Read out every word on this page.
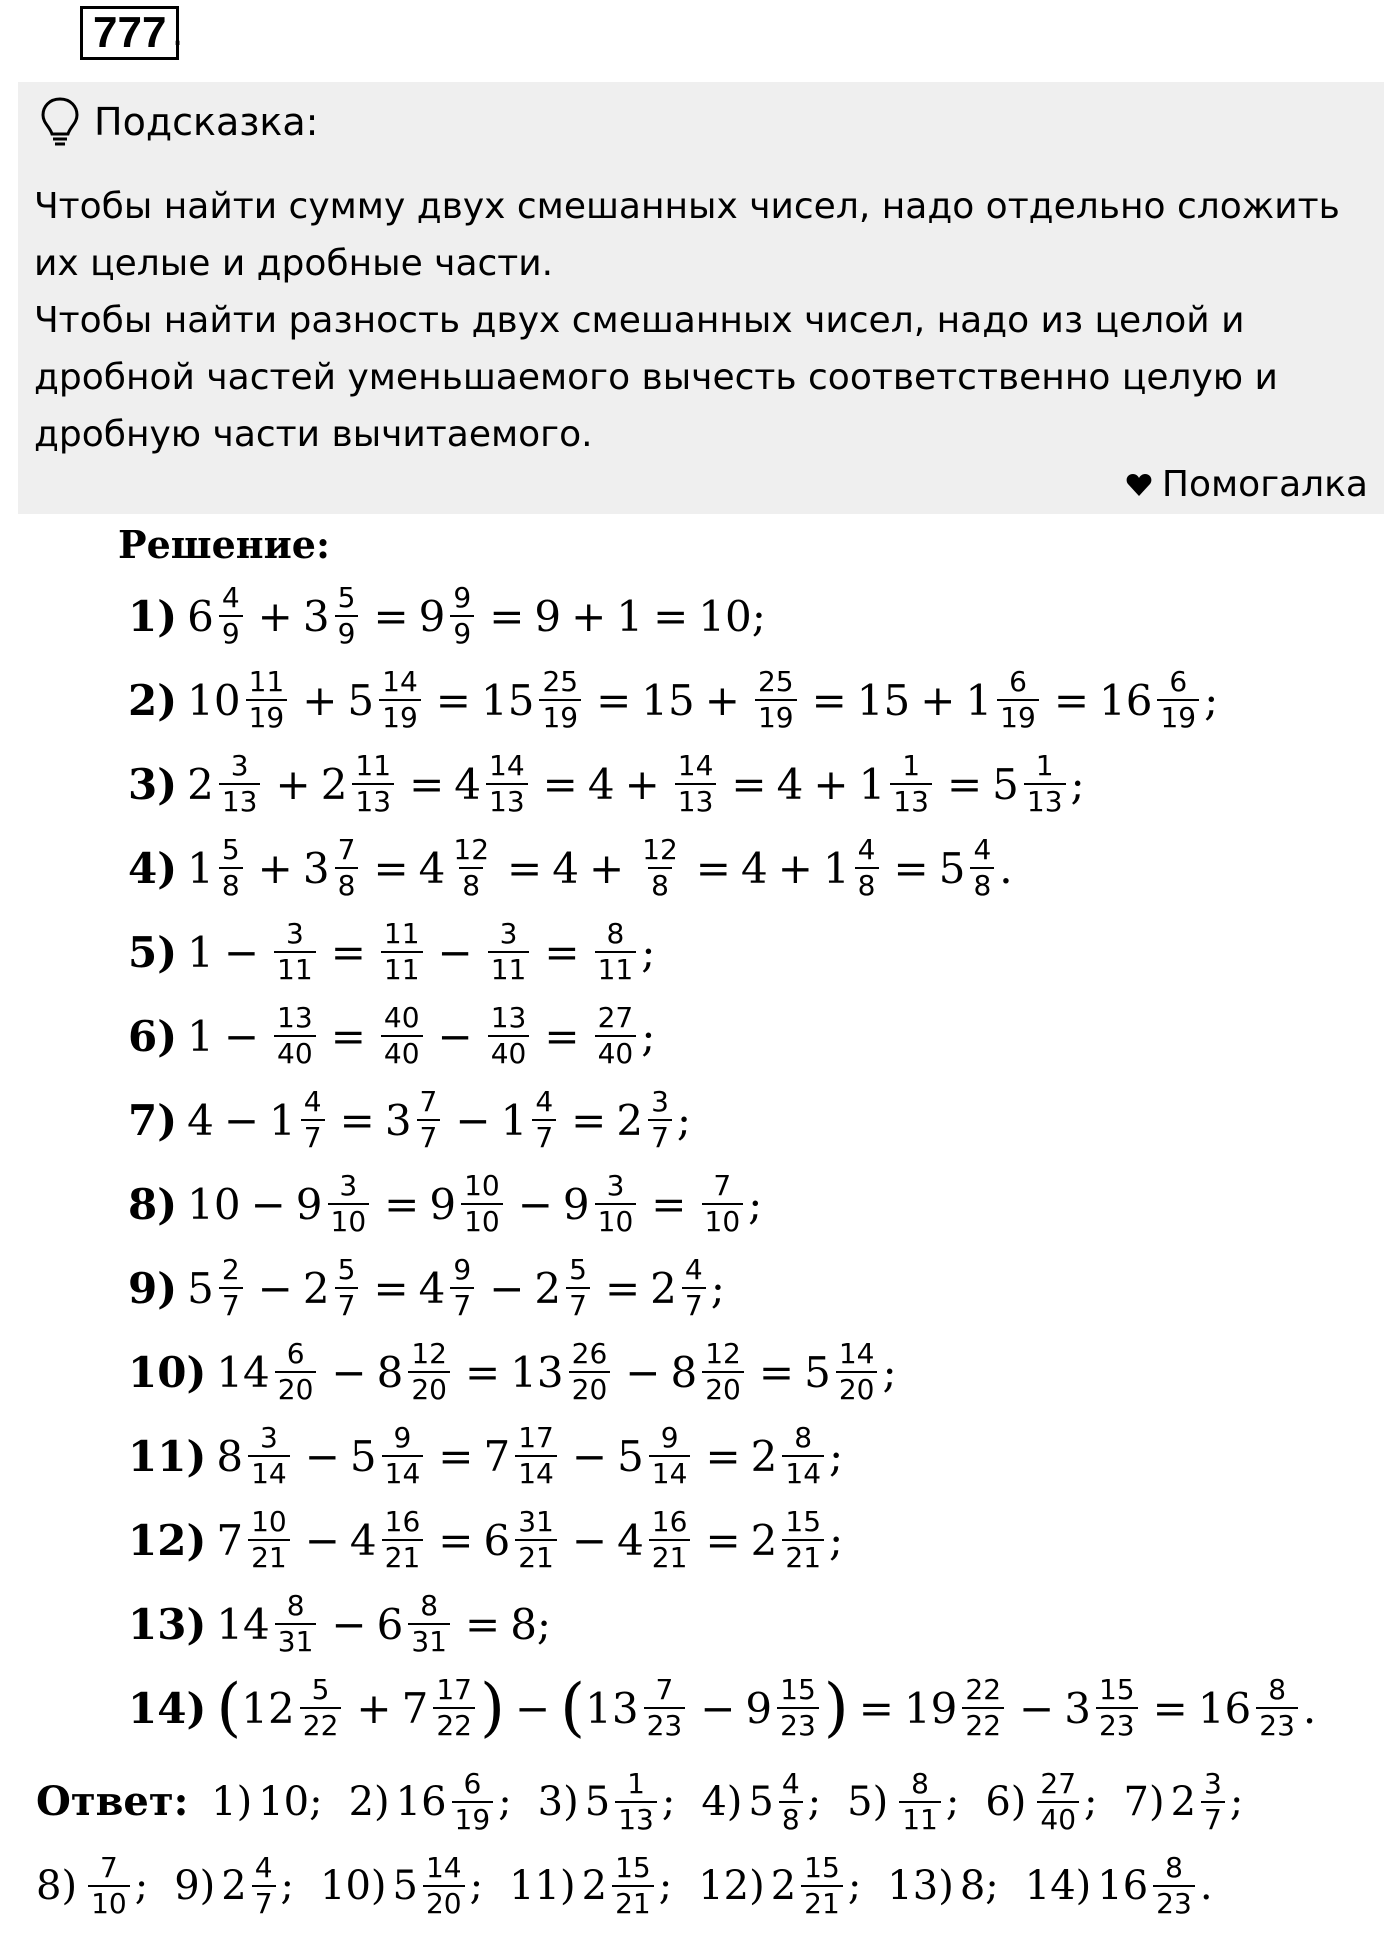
777 .
Подсказка:
Чтобы найти сумму двух смешанных чисел, надо отдельно сложить их целые и дробные части.
Чтобы найти разность двух смешанных чисел, надо из целой и дробной частей уменьшаемого вычесть соответственно целую и дробную части вычитаемого.
Помогалка
Решение:
1) $6 \frac{4}{9} + 3 \frac{5}{9} = 9 \frac{9}{9} = 9 + 1 = 10$;
2) $10 \frac{11}{19} + 5 \frac{14}{19} = 15 \frac{25}{19} = 15 + \frac{25}{19} = 15 + 1 \frac{6}{19} = 16 \frac{6}{19}$ ;
3) $2 \frac{3}{13} + 2 \frac{11}{13} = 4 \frac{14}{13} = 4 + \frac{14}{13} = 4 + 1 \frac{1}{13} = 5 \frac{1}{13}$ ;
4) $1 \frac{5}{8} + 3 \frac{7}{8} = 4 \frac{12}{8} = 4 + \frac{12}{8} = 4 + 1 \frac{4}{8} = 5 \frac{4}{8}$ .
5) $1 - \frac{3}{11} = \frac{11}{11} - \frac{3}{11} = \frac{8}{11}$ ;
6) $1 - \frac{13}{40} = \frac{40}{40} - \frac{13}{40} = \frac{27}{40}$ ;
7) $4 - 1 \frac{4}{7} = 3 \frac{7}{7} - 1 \frac{4}{7} = 2 \frac{3}{7}$ ;
8) $10 - 9 \frac{3}{10} = 9 \frac{10}{10} - 9 \frac{3}{10} = \frac{7}{10}$ ;
9) $5 \frac{2}{7} - 2 \frac{5}{7} = 4 \frac{9}{7} - 2 \frac{5}{7} = 2 \frac{4}{7}$ ;
10) $14 \frac{6}{20} - 8 \frac{12}{20} = 13 \frac{26}{20} - 8 \frac{12}{20} = 5 \frac{14}{20}$ ;
11) $8 \frac{3}{14} - 5 \frac{9}{14} = 7 \frac{17}{14} - 5 \frac{9}{14} = 2 \frac{8}{14}$ ;
12) $7 \frac{10}{21} - 4 \frac{16}{21} = 6 \frac{31}{21} - 4 \frac{16}{21} = 2 \frac{15}{21}$ ;
13) $14 \frac{8}{31} - 6 \frac{8}{31} = 8$;
14) ( $12 \frac{5}{22} + 7 \frac{17}{22}$ ) − ( $13 \frac{7}{23} - 9 \frac{15}{23}$ ) = $19 \frac{22}{22} - 3 \frac{15}{23} = 16 \frac{8}{23}$ .
Ответ: 1) 10; 2) $16 \frac{6}{19}$ ; 3) $5 \frac{1}{13}$ ; 4) $5 \frac{4}{8}$ ; $5) \frac{8}{11}$ ; $6) \frac{27}{40}$ ; 7) $2 \frac{3}{7}$ ;
$8) \frac{7}{10}$ ; 9) $2 \frac{4}{7}$ ; 10) $5 \frac{14}{20}$ ; 11) $2 \frac{15}{21}$ ; 12) $2 \frac{15}{21}$ ; 13) 8; 14) $16 \frac{8}{23}$ .
